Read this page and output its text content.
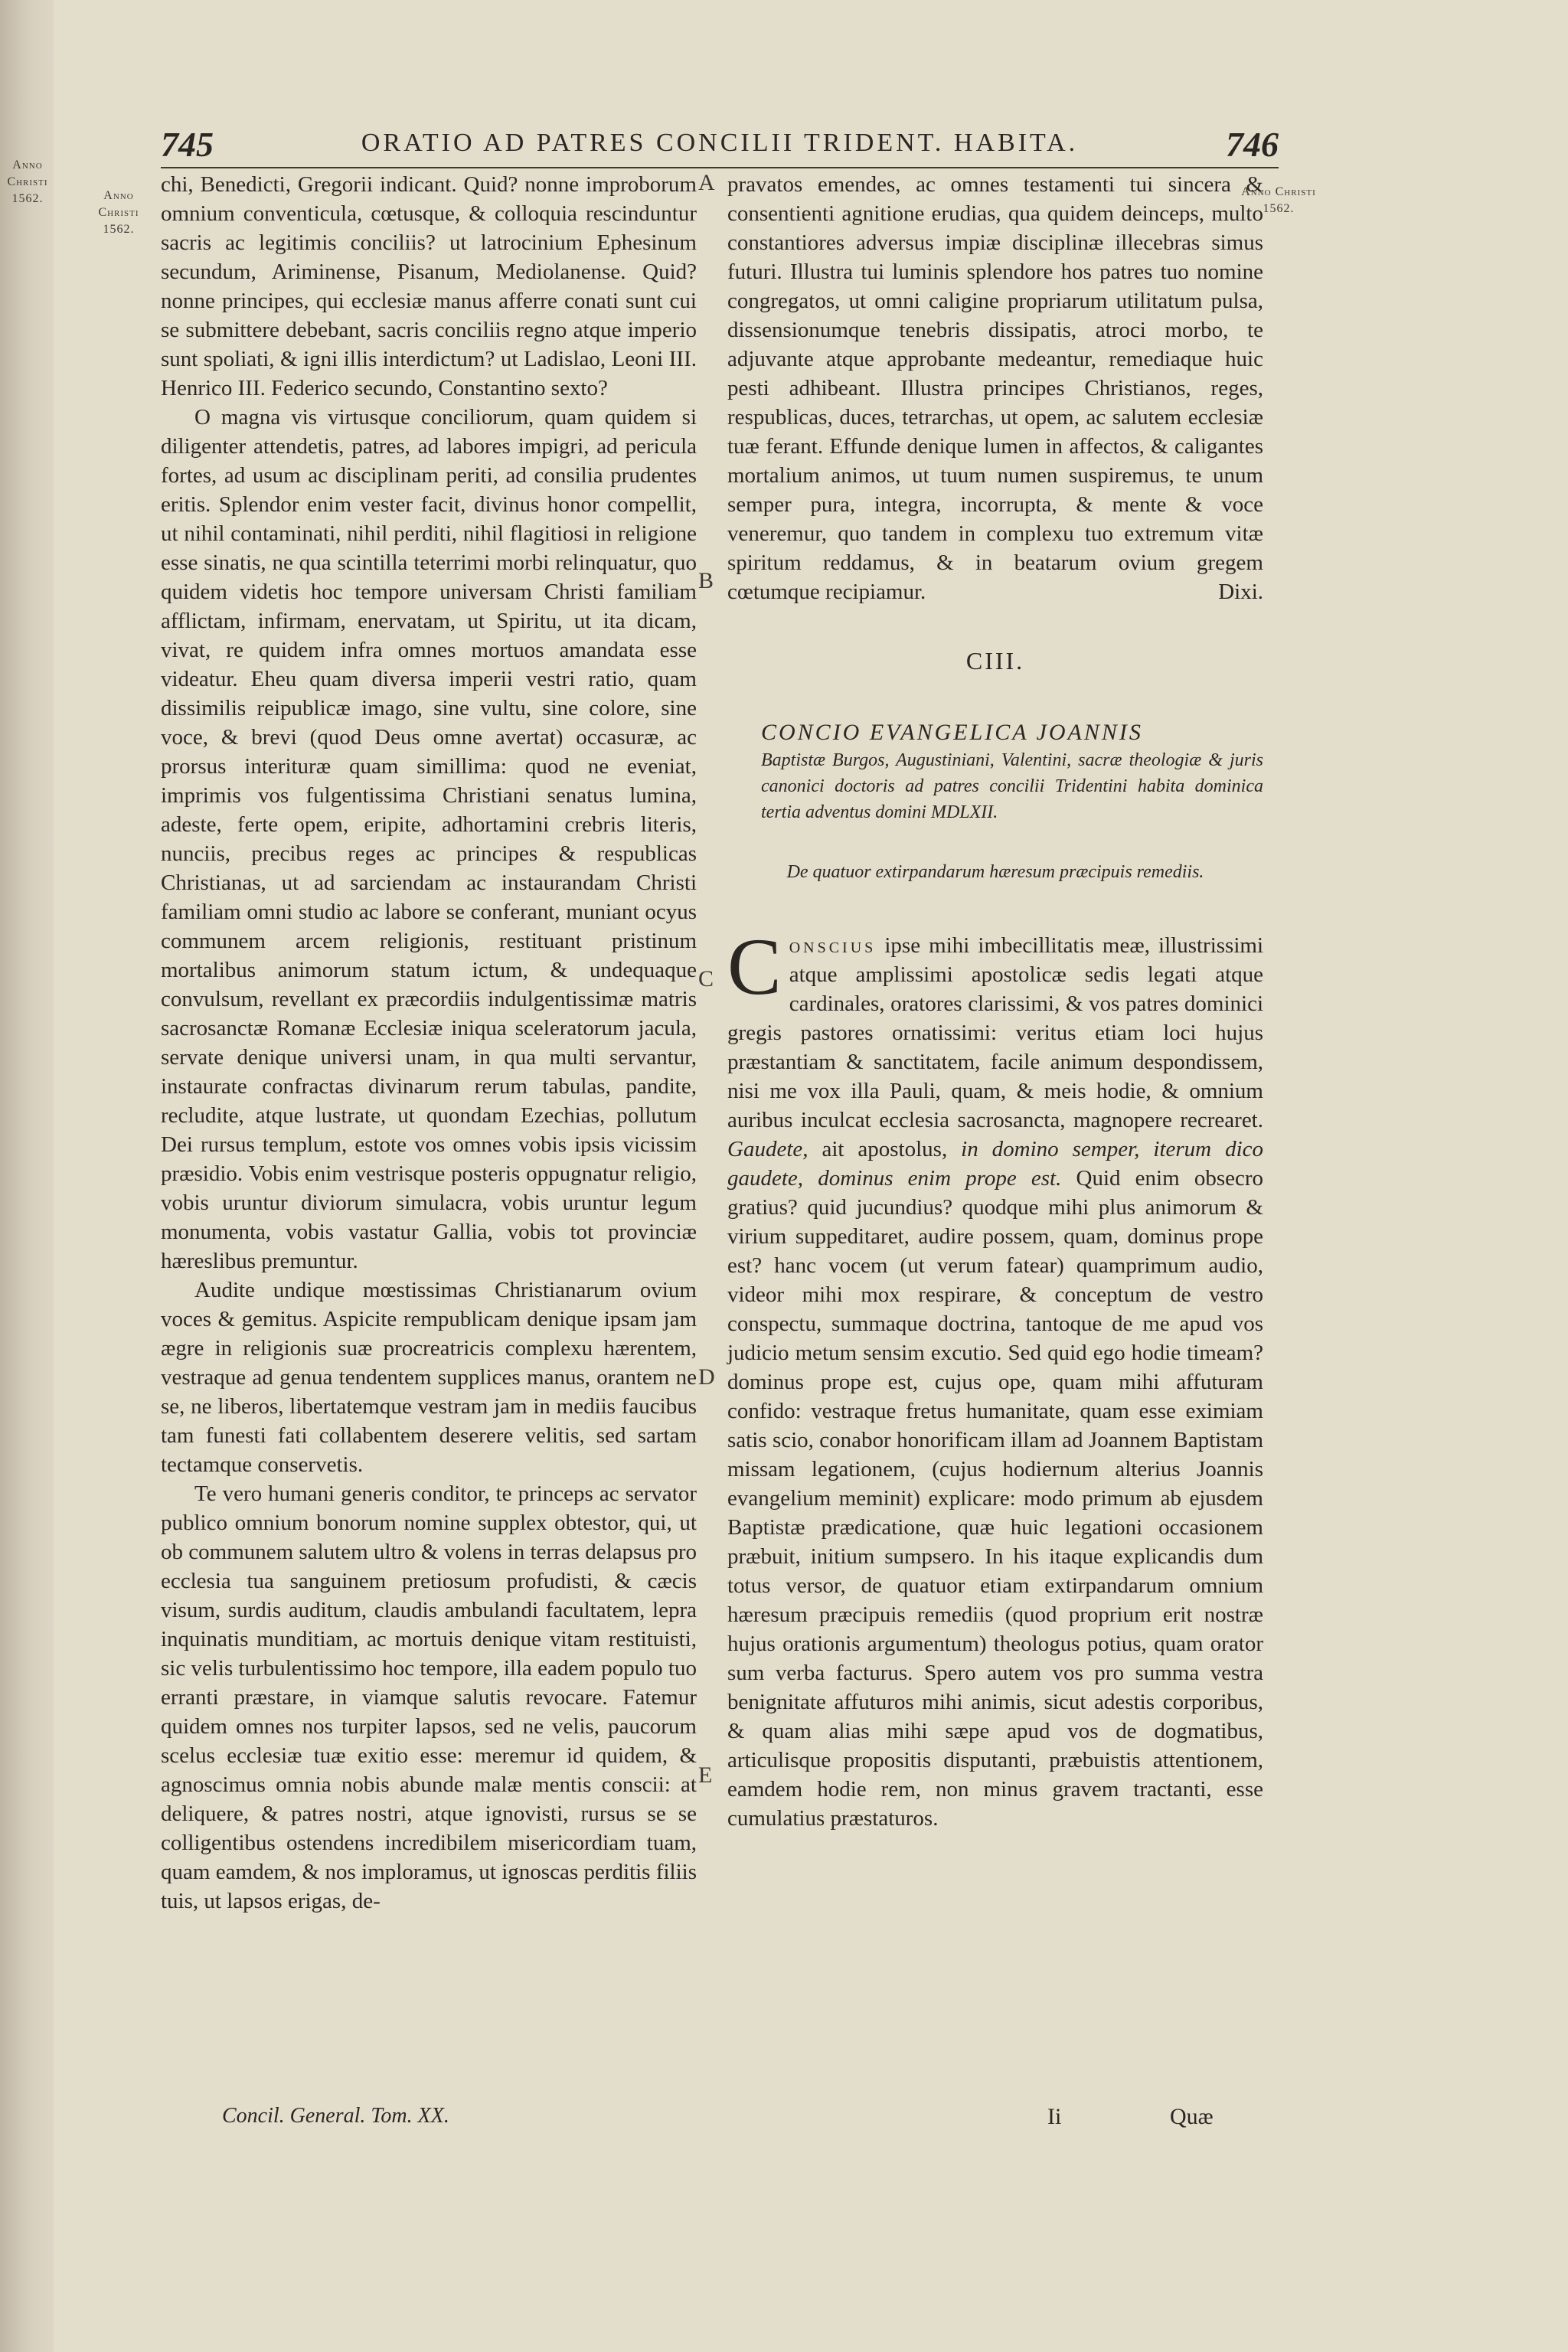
Anno Christi 1562.	Anno Christi 1562.
Anno Christi 1562.
745	ORATIO AD PATRES CONCILII TRIDENT. HABITA.	746
A
B
C
D
E

chi, Benedicti, Gregorii indicant. Quid? nonne improborum omnium conventicula, cœtusque, & colloquia rescinduntur sacris ac legitimis conciliis? ut latrocinium Ephesinum secundum, Ariminense, Pisanum, Mediolanense. Quid? nonne principes, qui ecclesiæ manus afferre conati sunt cui se submittere debebant, sacris conciliis regno atque imperio sunt spoliati, & igni illis interdictum? ut Ladislao, Leoni III. Henrico III. Federico secundo, Constantino sexto?

O magna vis virtusque conciliorum, quam quidem si diligenter attendetis, patres, ad labores impigri, ad pericula fortes, ad usum ac disciplinam periti, ad consilia prudentes eritis. Splendor enim vester facit, divinus honor compellit, ut nihil contaminati, nihil perditi, nihil flagitiosi in religione esse sinatis, ne qua scintilla teterrimi morbi relinquatur, quo quidem videtis hoc tempore universam Christi familiam afflictam, infirmam, enervatam, ut Spiritu, ut ita dicam, vivat, re quidem infra omnes mortuos amandata esse videatur. Eheu quam diversa imperii vestri ratio, quam dissimilis reipublicæ imago, sine vultu, sine colore, sine voce, & brevi (quod Deus omne avertat) occasuræ, ac prorsus interituræ quam simillima: quod ne eveniat, imprimis vos fulgentissima Christiani senatus lumina, adeste, ferte opem, eripite, adhortamini crebris literis, nunciis, precibus reges ac principes & respublicas Christianas, ut ad sarciendam ac instaurandam Christi familiam omni studio ac labore se conferant, muniant ocyus communem arcem religionis, restituant pristinum mortalibus animorum statum ictum, & undequaque convulsum, revellant ex præcordiis indulgentissimæ matris sacrosanctæ Romanæ Ecclesiæ iniqua sceleratorum jacula, servate denique universi unam, in qua multi servantur, instaurate confractas divinarum rerum tabulas, pandite, recludite, atque lustrate, ut quondam Ezechias, pollutum Dei rursus templum, estote vos omnes vobis ipsis vicissim præsidio. Vobis enim vestrisque posteris oppugnatur religio, vobis uruntur diviorum simulacra, vobis uruntur legum monumenta, vobis vastatur Gallia, vobis tot provinciæ hæreslibus premuntur.

Audite undique mœstissimas Christianarum ovium voces & gemitus. Aspicite rempublicam denique ipsam jam ægre in religionis suæ procreatricis complexu hærentem, vestraque ad genua tendentem supplices manus, orantem ne se, ne liberos, libertatemque vestram jam in mediis faucibus tam funesti fati collabentem deserere velitis, sed sartam tectamque conservetis.

Te vero humani generis conditor, te princeps ac servator publico omnium bonorum nomine supplex obtestor, qui, ut ob communem salutem ultro & volens in terras delapsus pro ecclesia tua sanguinem pretiosum profudisti, & cæcis visum, surdis auditum, claudis ambulandi facultatem, lepra inquinatis munditiam, ac mortuis denique vitam restituisti, sic velis turbulentissimo hoc tempore, illa eadem populo tuo erranti præstare, in viamque salutis revocare. Fatemur quidem omnes nos turpiter lapsos, sed ne velis, paucorum scelus ecclesiæ tuæ exitio esse: meremur id quidem, & agnoscimus omnia nobis abunde malæ mentis conscii: at deliquere, & patres nostri, atque ignovisti, rursus se se colligentibus ostendens incredibilem misericordiam tuam, quam eamdem, & nos imploramus, ut ignoscas perditis filiis tuis, ut lapsos erigas, de-

pravatos emendes, ac omnes testamenti tui sincera & consentienti agnitione erudias, qua quidem deinceps, multo constantiores adversus impiæ disciplinæ illecebras simus futuri. Illustra tui luminis splendore hos patres tuo nomine congregatos, ut omni caligine propriarum utilitatum pulsa, dissensionumque tenebris dissipatis, atroci morbo, te adjuvante atque approbante medeantur, remediaque huic pesti adhibeant. Illustra principes Christianos, reges, respublicas, duces, tetrarchas, ut opem, ac salutem ecclesiæ tuæ ferant. Effunde denique lumen in affectos, & caligantes mortalium animos, ut tuum numen suspiremus, te unum semper pura, integra, incorrupta, & mente & voce veneremur, quo tandem in complexu tuo extremum vitæ spiritum reddamus, & in beatarum ovium gregem cœtumque recipiamur.	Dixi.

CIII.
CONCIO EVANGELICA JOANNIS
Baptistæ Burgos, Augustiniani, Valentini, sacræ theologiæ & juris canonici doctoris ad patres concilii Tridentini habita dominica tertia adventus domini MDLXII.
De quatuor extirpandarum hæresum præcipuis remediis.

Conscius ipse mihi imbecillitatis meæ, illustrissimi atque amplissimi apostolicæ sedis legati atque cardinales, oratores clarissimi, & vos patres dominici gregis pastores ornatissimi: veritus etiam loci hujus præstantiam & sanctitatem, facile animum despondissem, nisi me vox illa Pauli, quam, & meis hodie, & omnium auribus inculcat ecclesia sacrosancta, magnopere recrearet. Gaudete, ait apostolus, in domino semper, iterum dico gaudete, dominus enim prope est. Quid enim obsecro gratius? quid jucundius? quodque mihi plus animorum & virium suppeditaret, audire possem, quam, dominus prope est? hanc vocem (ut verum fatear) quamprimum audio, videor mihi mox respirare, & conceptum de vestro conspectu, summaque doctrina, tantoque de me apud vos judicio metum sensim excutio. Sed quid ego hodie timeam? dominus prope est, cujus ope, quam mihi affuturam confido: vestraque fretus humanitate, quam esse eximiam satis scio, conabor honorificam illam ad Joannem Baptistam missam legationem, (cujus hodiernum alterius Joannis evangelium meminit) explicare: modo primum ab ejusdem Baptistæ prædicatione, quæ huic legationi occasionem præbuit, initium sumpsero. In his itaque explicandis dum totus versor, de quatuor etiam extirpandarum omnium hæresum præcipuis remediis (quod proprium erit nostræ hujus orationis argumentum) theologus potius, quam orator sum verba facturus. Spero autem vos pro summa vestra benignitate affuturos mihi animis, sicut adestis corporibus, & quam alias mihi sæpe apud vos de dogmatibus, articulisque propositis disputanti, præbuistis attentionem, eamdem hodie rem, non minus gravem tractanti, esse cumulatius præstaturos.

Concil. General. Tom. XX.	Ii	Quæ
